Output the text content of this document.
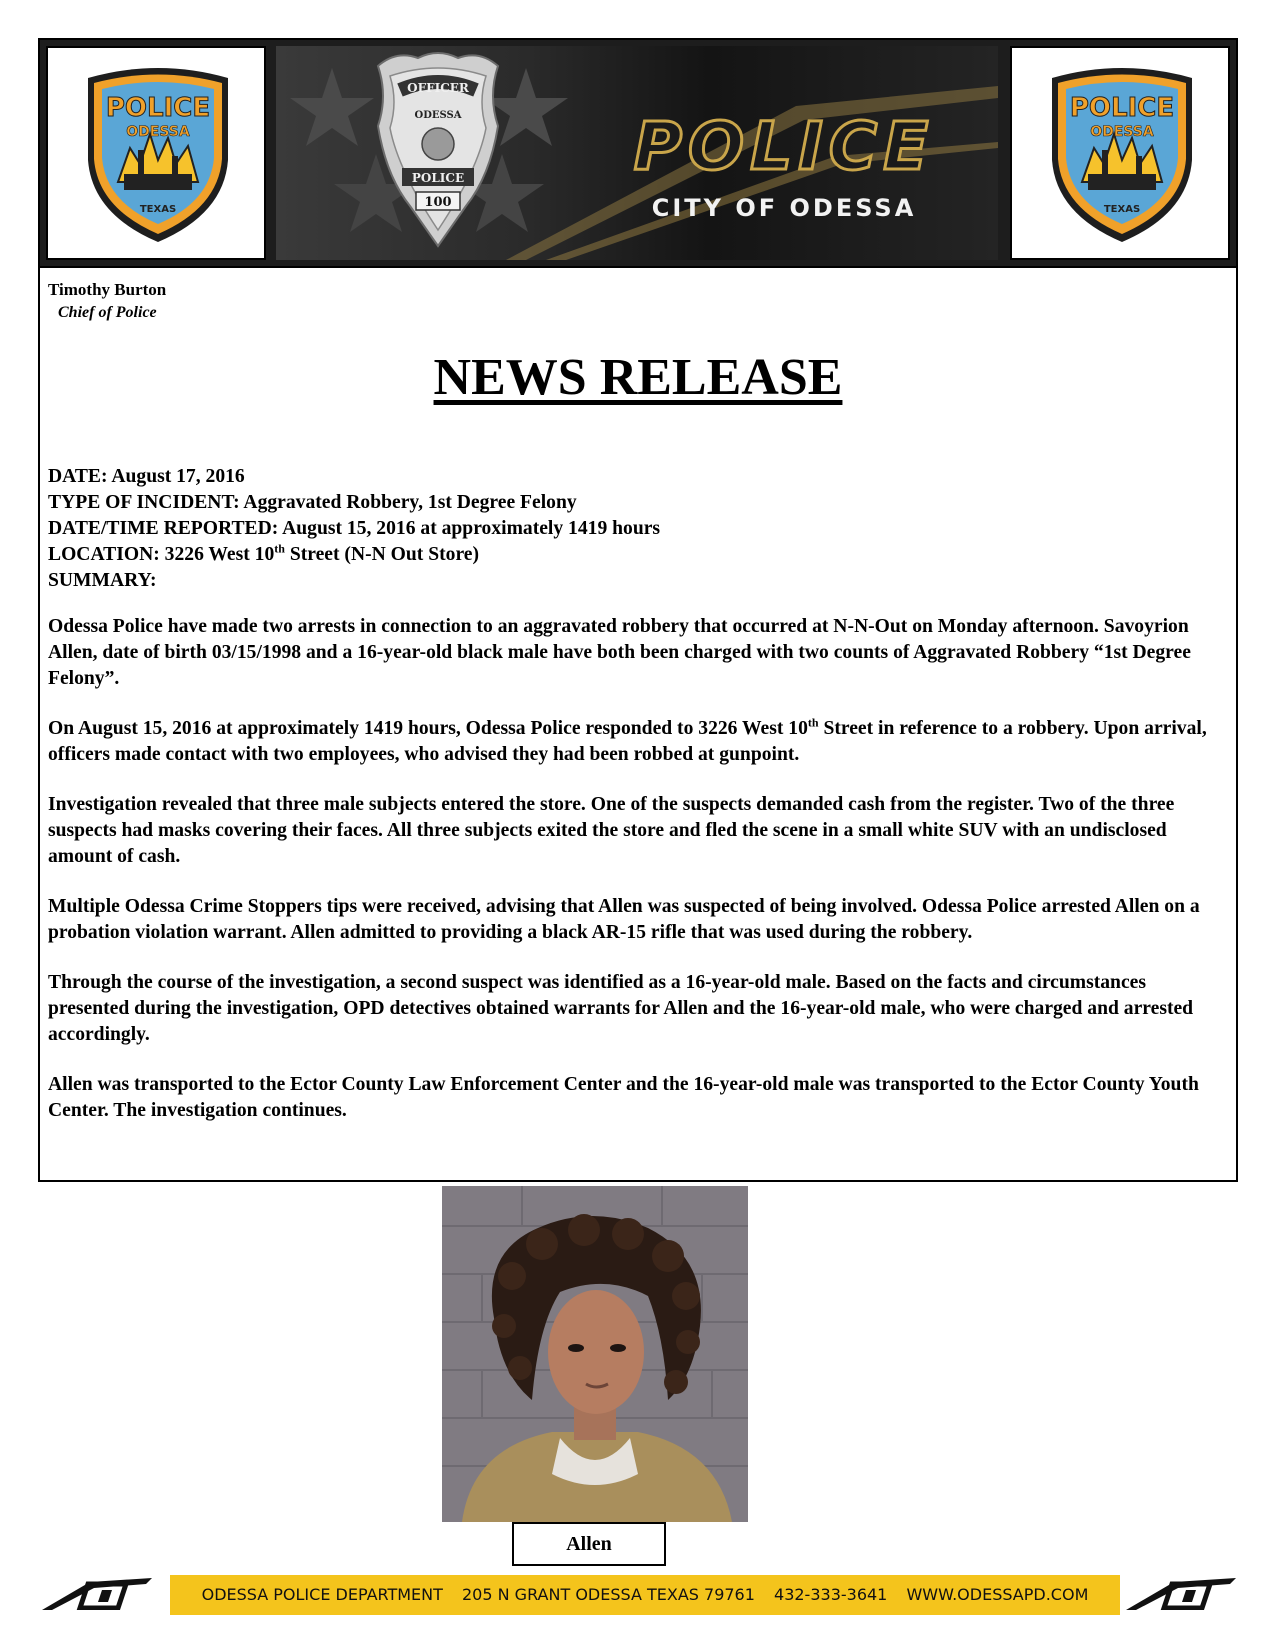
POLICE
ODESSA
TEXAS
OFFICER
ODESSA
POLICE
100
POLICE
CITY OF ODESSA
POLICE
ODESSA
TEXAS
Timothy Burton
Chief of Police
NEWS RELEASE
DATE: August 17, 2016
TYPE OF INCIDENT: Aggravated Robbery, 1st Degree Felony
DATE/TIME REPORTED: August 15, 2016 at approximately 1419 hours
LOCATION: 3226 West 10th Street (N-N Out Store)
SUMMARY:

Odessa Police have made two arrests in connection to an aggravated robbery that occurred at N-N-Out on Monday afternoon. Savoyrion Allen, date of birth 03/15/1998 and a 16-year-old black male have both been charged with two counts of Aggravated Robbery “1st Degree Felony”.

On August 15, 2016 at approximately 1419 hours, Odessa Police responded to 3226 West 10th Street in reference to a robbery. Upon arrival, officers made contact with two employees, who advised they had been robbed at gunpoint.

Investigation revealed that three male subjects entered the store. One of the suspects demanded cash from the register. Two of the three suspects had masks covering their faces. All three subjects exited the store and fled the scene in a small white SUV with an undisclosed amount of cash.

Multiple Odessa Crime Stoppers tips were received, advising that Allen was suspected of being involved. Odessa Police arrested Allen on a probation violation warrant. Allen admitted to providing a black AR-15 rifle that was used during the robbery.

Through the course of the investigation, a second suspect was identified as a 16-year-old male. Based on the facts and circumstances presented during the investigation, OPD detectives obtained warrants for Allen and the 16-year-old male, who were charged and arrested accordingly.

Allen was transported to the Ector County Law Enforcement Center and the 16-year-old male was transported to the Ector County Youth Center. The investigation continues.

Allen
ODESSA POLICE DEPARTMENT 205 N GRANT ODESSA TEXAS 79761 432-333-3641 WWW.ODESSAPD.COM
